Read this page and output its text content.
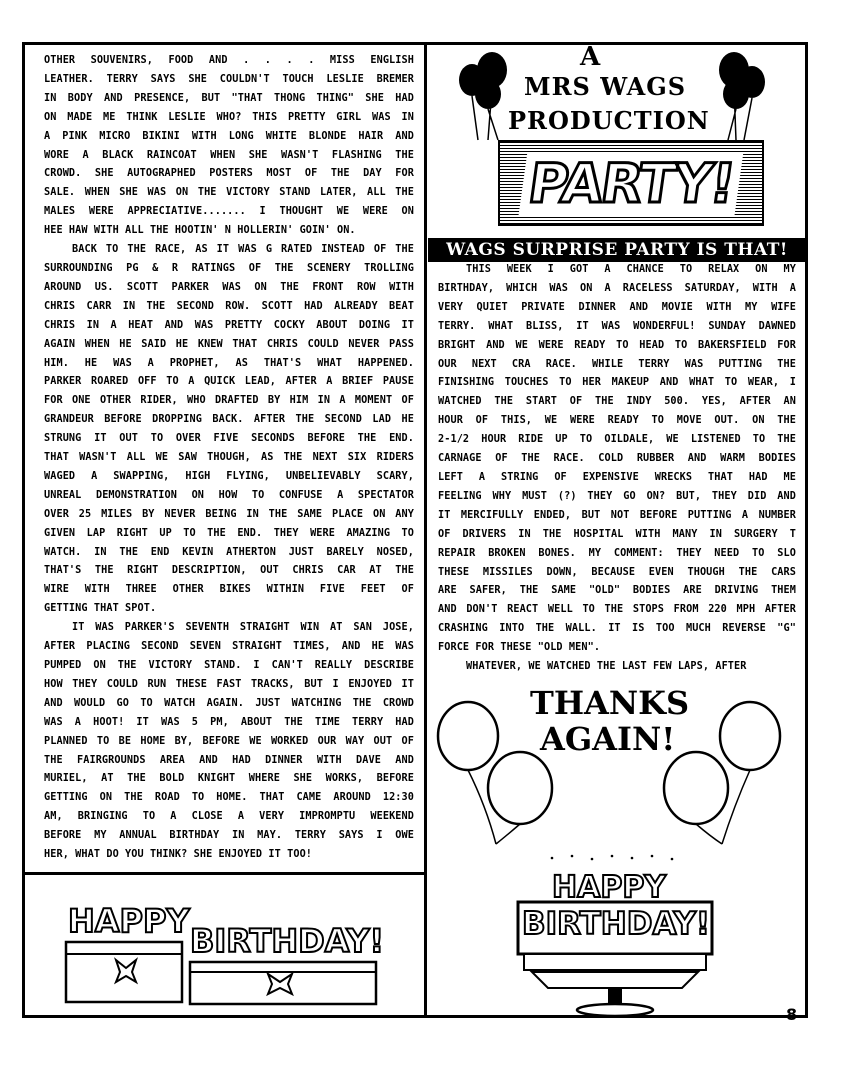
OTHER SOUVENIRS, FOOD AND . . . . MISS ENGLISH
LEATHER. TERRY SAYS SHE COULDN'T TOUCH LESLIE BREMER
IN BODY AND PRESENCE, BUT "THAT THONG THING" SHE HAD
ON MADE ME THINK LESLIE WHO? THIS PRETTY GIRL WAS IN
A PINK MICRO BIKINI WITH LONG WHITE BLONDE HAIR AND
WORE A BLACK RAINCOAT WHEN SHE WASN'T FLASHING THE
CROWD. SHE AUTOGRAPHED POSTERS MOST OF THE DAY FOR
SALE. WHEN SHE WAS ON THE VICTORY STAND LATER, ALL THE
MALES WERE APPRECIATIVE....... I THOUGHT WE WERE ON
HEE HAW WITH ALL THE HOOTIN' N HOLLERIN' GOIN' ON.
BACK TO THE RACE, AS IT WAS G RATED INSTEAD OF THE
SURROUNDING PG & R RATINGS OF THE SCENERY TROLLING
AROUND US. SCOTT PARKER WAS ON THE FRONT ROW WITH
CHRIS CARR IN THE SECOND ROW. SCOTT HAD ALREADY BEAT
CHRIS IN A HEAT AND WAS PRETTY COCKY ABOUT DOING IT
AGAIN WHEN HE SAID HE KNEW THAT CHRIS COULD NEVER PASS
HIM. HE WAS A PROPHET, AS THAT'S WHAT HAPPENED.
PARKER ROARED OFF TO A QUICK LEAD, AFTER A BRIEF PAUSE
FOR ONE OTHER RIDER, WHO DRAFTED BY HIM IN A MOMENT OF
GRANDEUR BEFORE DROPPING BACK. AFTER THE SECOND LAD HE
STRUNG IT OUT TO OVER FIVE SECONDS BEFORE THE END.
THAT WASN'T ALL WE SAW THOUGH, AS THE NEXT SIX RIDERS
WAGED A SWAPPING, HIGH FLYING, UNBELIEVABLY SCARY,
UNREAL DEMONSTRATION ON HOW TO CONFUSE A SPECTATOR
OVER 25 MILES BY NEVER BEING IN THE SAME PLACE ON ANY
GIVEN LAP RIGHT UP TO THE END. THEY WERE AMAZING TO
WATCH. IN THE END KEVIN ATHERTON JUST BARELY NOSED,
THAT'S THE RIGHT DESCRIPTION, OUT CHRIS CAR AT THE
WIRE WITH THREE OTHER BIKES WITHIN FIVE FEET OF
GETTING THAT SPOT.
IT WAS PARKER'S SEVENTH STRAIGHT WIN AT SAN JOSE,
AFTER PLACING SECOND SEVEN STRAIGHT TIMES, AND HE WAS
PUMPED ON THE VICTORY STAND. I CAN'T REALLY DESCRIBE
HOW THEY COULD RUN THESE FAST TRACKS, BUT I ENJOYED IT
AND WOULD GO TO WATCH AGAIN. JUST WATCHING THE CROWD
WAS A HOOT! IT WAS 5 PM, ABOUT THE TIME TERRY HAD
PLANNED TO BE HOME BY, BEFORE WE WORKED OUR WAY OUT OF
THE FAIRGROUNDS AREA AND HAD DINNER WITH DAVE AND
MURIEL, AT THE BOLD KNIGHT WHERE SHE WORKS, BEFORE
GETTING ON THE ROAD TO HOME. THAT CAME AROUND 12:30
AM, BRINGING TO A CLOSE A VERY IMPROMPTU WEEKEND
BEFORE MY ANNUAL BIRTHDAY IN MAY. TERRY SAYS I OWE
HER, WHAT DO YOU THINK? SHE ENJOYED IT TOO!
THIS WEEK I GOT A CHANCE TO RELAX ON MY
BIRTHDAY, WHICH WAS ON A RACELESS SATURDAY, WITH A
VERY QUIET PRIVATE DINNER AND MOVIE WITH MY WIFE
TERRY. WHAT BLISS, IT WAS WONDERFUL! SUNDAY DAWNED
BRIGHT AND WE WERE READY TO HEAD TO BAKERSFIELD FOR
OUR NEXT CRA RACE. WHILE TERRY WAS PUTTING THE
FINISHING TOUCHES TO HER MAKEUP AND WHAT TO WEAR, I
WATCHED THE START OF THE INDY 500. YES, AFTER AN
HOUR OF THIS, WE WERE READY TO MOVE OUT. ON THE
2-1/2 HOUR RIDE UP TO OILDALE, WE LISTENED TO THE
CARNAGE OF THE RACE. COLD RUBBER AND WARM BODIES
LEFT A STRING OF EXPENSIVE WRECKS THAT HAD ME
FEELING WHY MUST (?) THEY GO ON? BUT, THEY DID AND
IT MERCIFULLY ENDED, BUT NOT BEFORE PUTTING A NUMBER
OF DRIVERS IN THE HOSPITAL WITH MANY IN SURGERY T
REPAIR BROKEN BONES. MY COMMENT: THEY NEED TO SLO
THESE MISSILES DOWN, BECAUSE EVEN THOUGH THE CARS
ARE SAFER, THE SAME "OLD" BODIES ARE DRIVING THEM
AND DON'T REACT WELL TO THE STOPS FROM 220 MPH AFTER
CRASHING INTO THE WALL. IT IS TOO MUCH REVERSE "G"
FORCE FOR THESE "OLD MEN".
WHATEVER, WE WATCHED THE LAST FEW LAPS, AFTER
A
MRS WAGS
PRODUCTION
PARTY!
WAGS SURPRISE PARTY IS THAT!
THANKS
AGAIN!
HAPPY
BIRTHDAY!
HAPPY
BIRTHDAY!
8
